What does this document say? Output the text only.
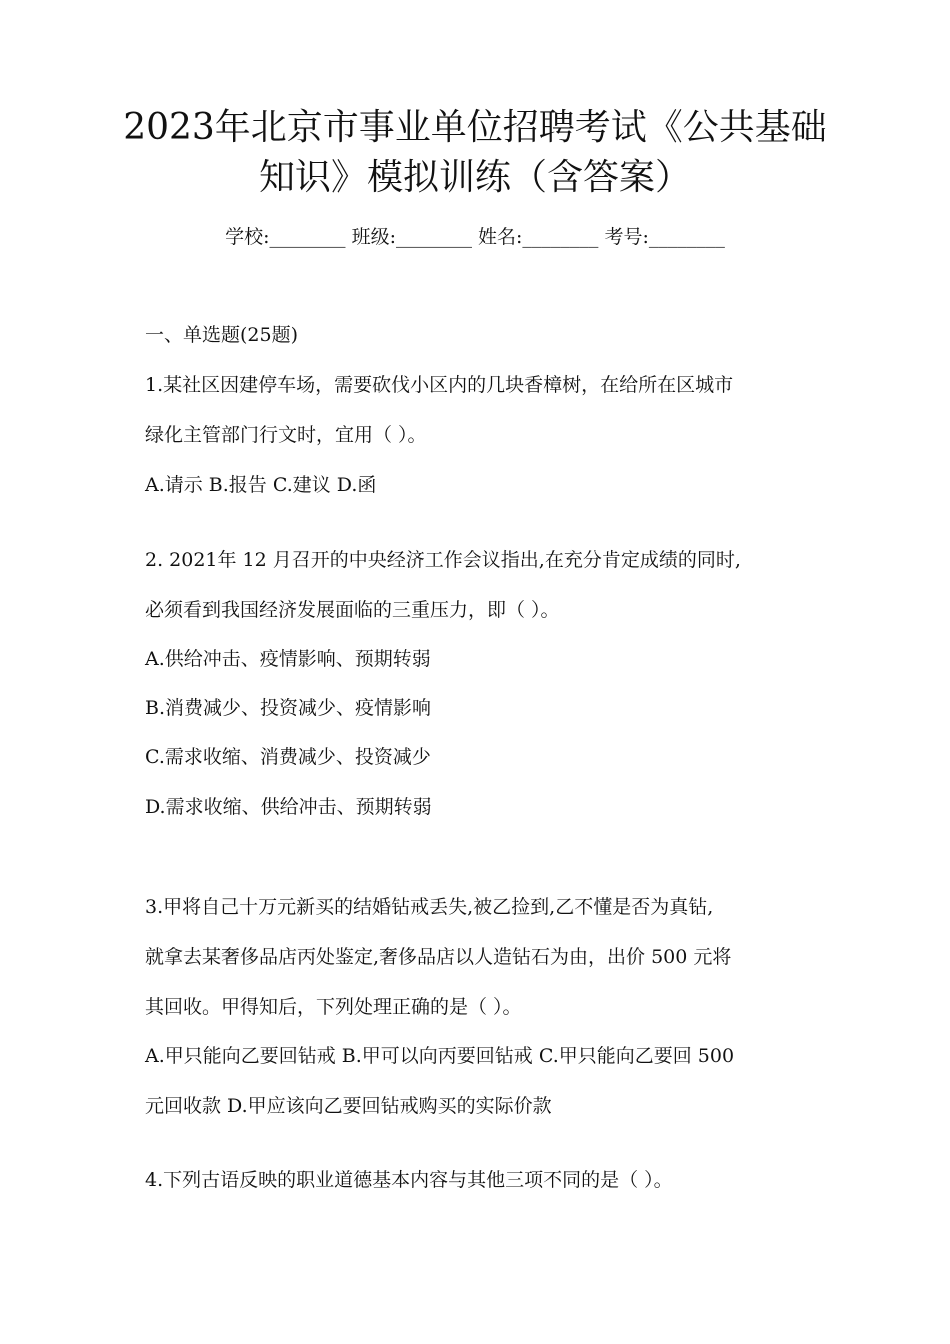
2023年北京市事业单位招聘考试《公共基础
知识》模拟训练（含答案）
学校:________ 班级:________ 姓名:________ 考号:________
一、单选题(25题)
1.某社区因建停车场，需要砍伐小区内的几块香樟树，在给所在区城市
绿化主管部门行文时，宜用（ ）。
A.请示 B.报告 C.建议 D.函
2. 2021年 12 月召开的中央经济工作会议指出,在充分肯定成绩的同时,
必须看到我国经济发展面临的三重压力，即（ ）。
A.供给冲击、疫情影响、预期转弱
B.消费减少、投资减少、疫情影响
C.需求收缩、消费减少、投资减少
D.需求收缩、供给冲击、预期转弱
3.甲将自己十万元新买的结婚钻戒丢失,被乙捡到,乙不懂是否为真钻,
就拿去某奢侈品店丙处鉴定,奢侈品店以人造钻石为由，出价 500 元将
其回收。甲得知后，下列处理正确的是（ ）。
A.甲只能向乙要回钻戒 B.甲可以向丙要回钻戒 C.甲只能向乙要回 500
元回收款 D.甲应该向乙要回钻戒购买的实际价款
4.下列古语反映的职业道德基本内容与其他三项不同的是（ ）。
